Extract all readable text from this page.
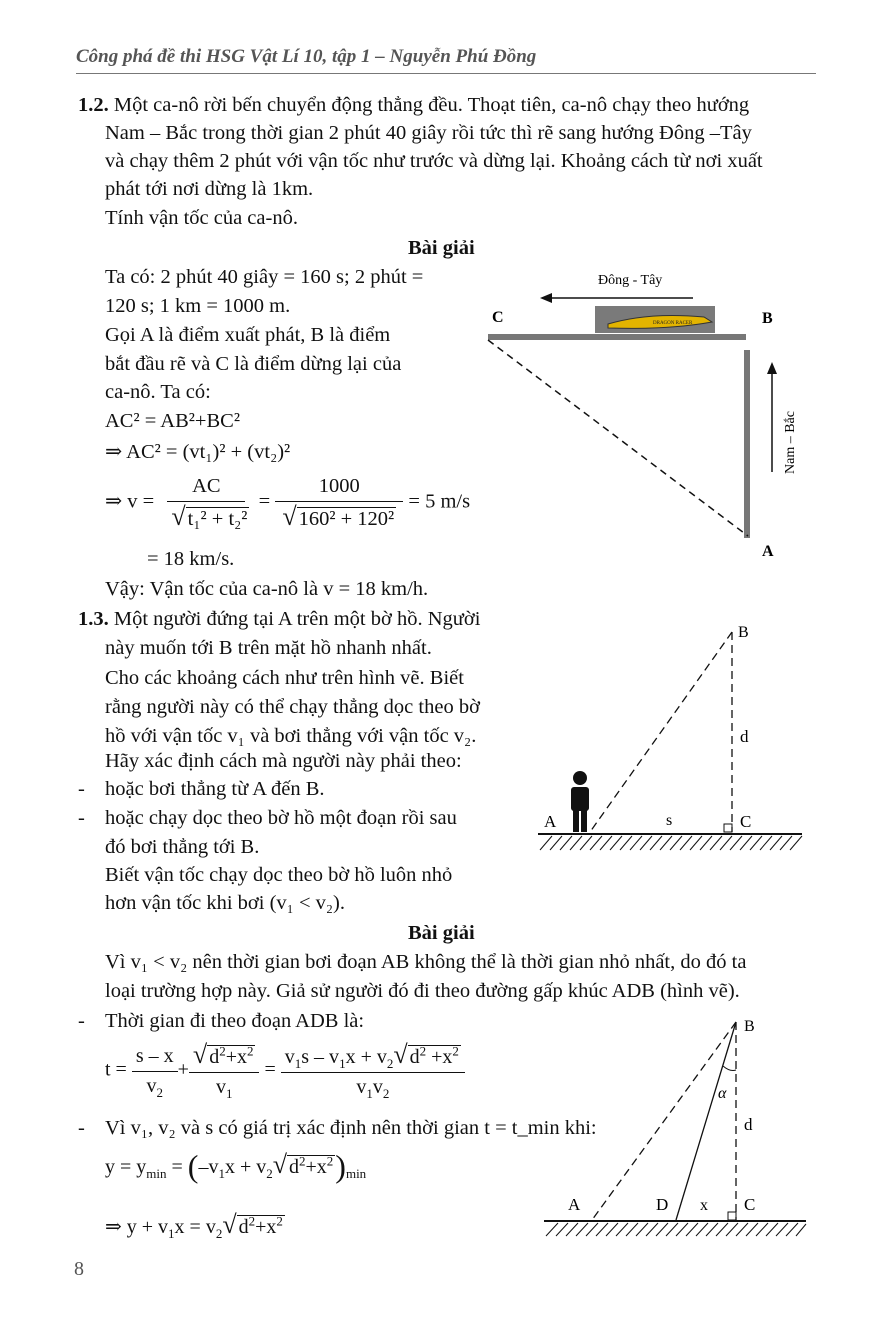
Công phá đề thi HSG Vật Lí 10, tập 1 – Nguyễn Phú Đồng
1.2. Một ca-nô rời bến chuyển động thẳng đều. Thoạt tiên, ca-nô chạy theo hướng
Nam – Bắc trong thời gian 2 phút 40 giây rồi tức thì rẽ sang hướng Đông –Tây
và chạy thêm 2 phút với vận tốc như trước và dừng lại. Khoảng cách từ nơi xuất
phát tới nơi dừng là 1km.
Tính vận tốc của ca-nô.
Bài giải
Ta có: 2 phút 40 giây = 160 s; 2 phút =
120 s; 1 km = 1000 m.
Gọi A là điểm xuất phát, B là điểm
bắt đầu rẽ và C là điểm dừng lại của
ca-nô. Ta có:
AC² = AB²+BC²
⇒ AC² = (vt₁)² + (vt₂)²
⇒ $v = \frac{AC}{\text{√t₁² + t₂²}} = \frac{1000}{\text{√160² + 120²}} = 5$ m/s
= 18 km/s.
Vậy: Vận tốc của ca-nô là v = 18 km/h.
Đông - Tây
C	B
DRAGON RACER
Nam – Bắc
A
1.3. Một người đứng tại A trên một bờ hồ. Người
này muốn tới B trên mặt hồ nhanh nhất.
Cho các khoảng cách như trên hình vẽ. Biết
rằng người này có thể chạy thẳng dọc theo bờ
hồ với vận tốc v₁ và bơi thẳng với vận tốc v₂.
Hãy xác định cách mà người này phải theo:
- hoặc bơi thẳng từ A đến B.
- hoặc chạy dọc theo bờ hồ một đoạn rồi sau
đó bơi thẳng tới B.
Biết vận tốc chạy dọc theo bờ hồ luôn nhỏ
hơn vận tốc khi bơi (v₁ < v₂).
B
d
A	s	C
Bài giải
Vì v₁ < v₂ nên thời gian bơi đoạn AB không thể là thời gian nhỏ nhất, do đó ta
loại trường hợp này. Giả sử người đó đi theo đường gấp khúc ADB (hình vẽ).
- Thời gian đi theo đoạn ADB là:
$t = \frac{s - x}{v_2} + \frac{√ d^2+x^2}{v_1} = \frac{v_1s - v_1x + v_2√ d^2 +x^2}{v_1v_2}$
- Vì v₁, v₂ và s có giá trị xác định nên thời gian t = t_min khi:
$y = y_{min} = (-v_1x + v_2√$ $d^2+x^2)_{min}$
⇒ $y + v_1x = v_2√$ $d^2+x^2$
B
α
d
A	D x C
8
